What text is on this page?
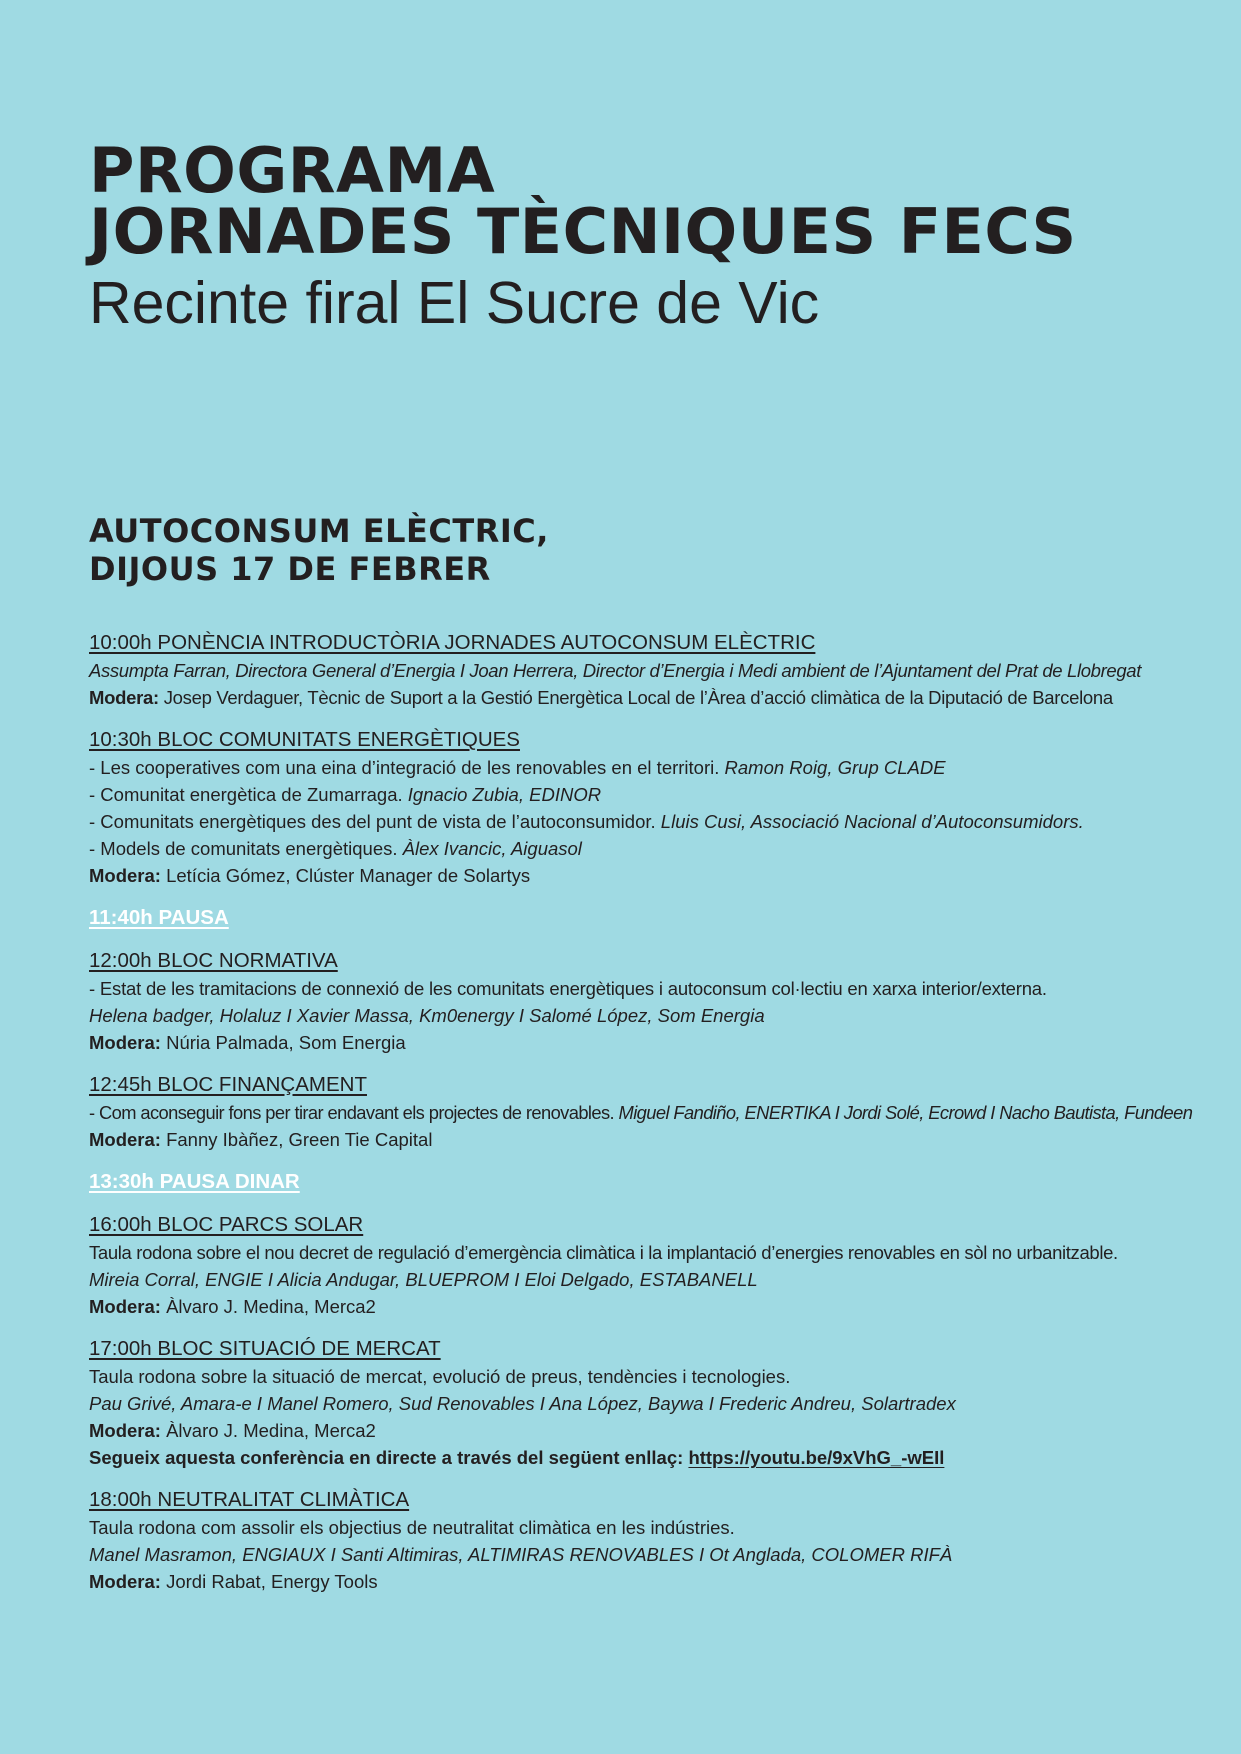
PROGRAMA
JORNADES TÈCNIQUES FECS
Recinte firal El Sucre de Vic
AUTOCONSUM ELÈCTRIC,
DIJOUS 17 DE FEBRER
10:00h PONÈNCIA INTRODUCTÒRIA JORNADES AUTOCONSUM ELÈCTRIC
Assumpta Farran, Directora General d’Energia I Joan Herrera, Director d’Energia i Medi ambient de l’Ajuntament del Prat de Llobregat
Modera: Josep Verdaguer, Tècnic de Suport a la Gestió Energètica Local de l’Àrea d’acció climàtica de la Diputació de Barcelona
10:30h BLOC COMUNITATS ENERGÈTIQUES
- Les cooperatives com una eina d’integració de les renovables en el territori. Ramon Roig, Grup CLADE
- Comunitat energètica de Zumarraga. Ignacio Zubia, EDINOR
- Comunitats energètiques des del punt de vista de l’autoconsumidor. Lluis Cusi, Associació Nacional d’Autoconsumidors.
- Models de comunitats energètiques. Àlex Ivancic, Aiguasol
Modera: Letícia Gómez, Clúster Manager de Solartys
11:40h PAUSA
12:00h BLOC NORMATIVA
- Estat de les tramitacions de connexió de les comunitats energètiques i autoconsum col·lectiu en xarxa interior/externa.
Helena badger, Holaluz I Xavier Massa, Km0energy I Salomé López, Som Energia
Modera: Núria Palmada, Som Energia
12:45h BLOC FINANÇAMENT
- Com aconseguir fons per tirar endavant els projectes de renovables. Miguel Fandiño, ENERTIKA I Jordi Solé, Ecrowd I Nacho Bautista, Fundeen
Modera: Fanny Ibàñez, Green Tie Capital
13:30h PAUSA DINAR
16:00h BLOC PARCS SOLAR
Taula rodona sobre el nou decret de regulació d’emergència climàtica i la implantació d’energies renovables en sòl no urbanitzable.
Mireia Corral, ENGIE I Alicia Andugar, BLUEPROM I Eloi Delgado, ESTABANELL
Modera: Àlvaro J. Medina, Merca2
17:00h BLOC SITUACIÓ DE MERCAT
Taula rodona sobre la situació de mercat, evolució de preus, tendències i tecnologies.
Pau Grivé, Amara-e I Manel Romero, Sud Renovables I Ana López, Baywa I Frederic Andreu, Solartradex
Modera: Àlvaro J. Medina, Merca2
Segueix aquesta conferència en directe a través del següent enllaç: https://youtu.be/9xVhG_-wEIl
18:00h NEUTRALITAT CLIMÀTICA
Taula rodona com assolir els objectius de neutralitat climàtica en les indústries.
Manel Masramon, ENGIAUX I Santi Altimiras, ALTIMIRAS RENOVABLES I Ot Anglada, COLOMER RIFÀ
Modera: Jordi Rabat, Energy Tools
